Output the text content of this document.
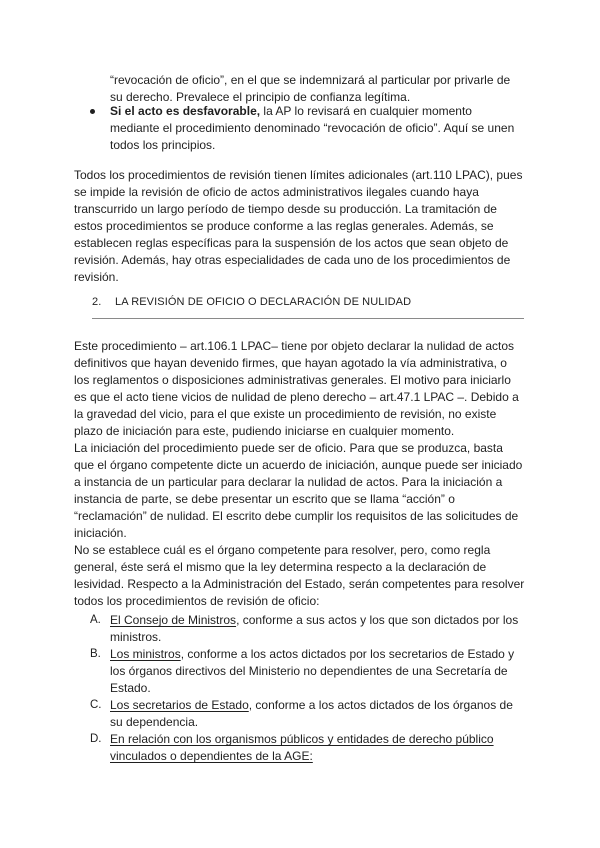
“revocación de oficio”, en el que se indemnizará al particular por privarle de
su derecho. Prevalece el principio de confianza legítima.
Si el acto es desfavorable, la AP lo revisará en cualquier momento
mediante el procedimiento denominado “revocación de oficio”. Aquí se unen
todos los principios.
Todos los procedimientos de revisión tienen límites adicionales (art.110 LPAC), pues
se impide la revisión de oficio de actos administrativos ilegales cuando haya
transcurrido un largo período de tiempo desde su producción. La tramitación de
estos procedimientos se produce conforme a las reglas generales. Además, se
establecen reglas específicas para la suspensión de los actos que sean objeto de
revisión. Además, hay otras especialidades de cada uno de los procedimientos de
revisión.
2. LA REVISIÓN DE OFICIO O DECLARACIÓN DE NULIDAD
Este procedimiento – art.106.1 LPAC– tiene por objeto declarar la nulidad de actos
definitivos que hayan devenido firmes, que hayan agotado la vía administrativa, o
los reglamentos o disposiciones administrativas generales. El motivo para iniciarlo
es que el acto tiene vicios de nulidad de pleno derecho – art.47.1 LPAC –. Debido a
la gravedad del vicio, para el que existe un procedimiento de revisión, no existe
plazo de iniciación para este, pudiendo iniciarse en cualquier momento.
La iniciación del procedimiento puede ser de oficio. Para que se produzca, basta
que el órgano competente dicte un acuerdo de iniciación, aunque puede ser iniciado
a instancia de un particular para declarar la nulidad de actos. Para la iniciación a
instancia de parte, se debe presentar un escrito que se llama “acción” o
“reclamación” de nulidad. El escrito debe cumplir los requisitos de las solicitudes de
iniciación.
No se establece cuál es el órgano competente para resolver, pero, como regla
general, éste será el mismo que la ley determina respecto a la declaración de
lesividad. Respecto a la Administración del Estado, serán competentes para resolver
todos los procedimientos de revisión de oficio:
A. El Consejo de Ministros, conforme a sus actos y los que son dictados por los
ministros.
B. Los ministros, conforme a los actos dictados por los secretarios de Estado y
los órganos directivos del Ministerio no dependientes de una Secretaría de
Estado.
C. Los secretarios de Estado, conforme a los actos dictados de los órganos de
su dependencia.
D. En relación con los organismos públicos y entidades de derecho público
vinculados o dependientes de la AGE:
